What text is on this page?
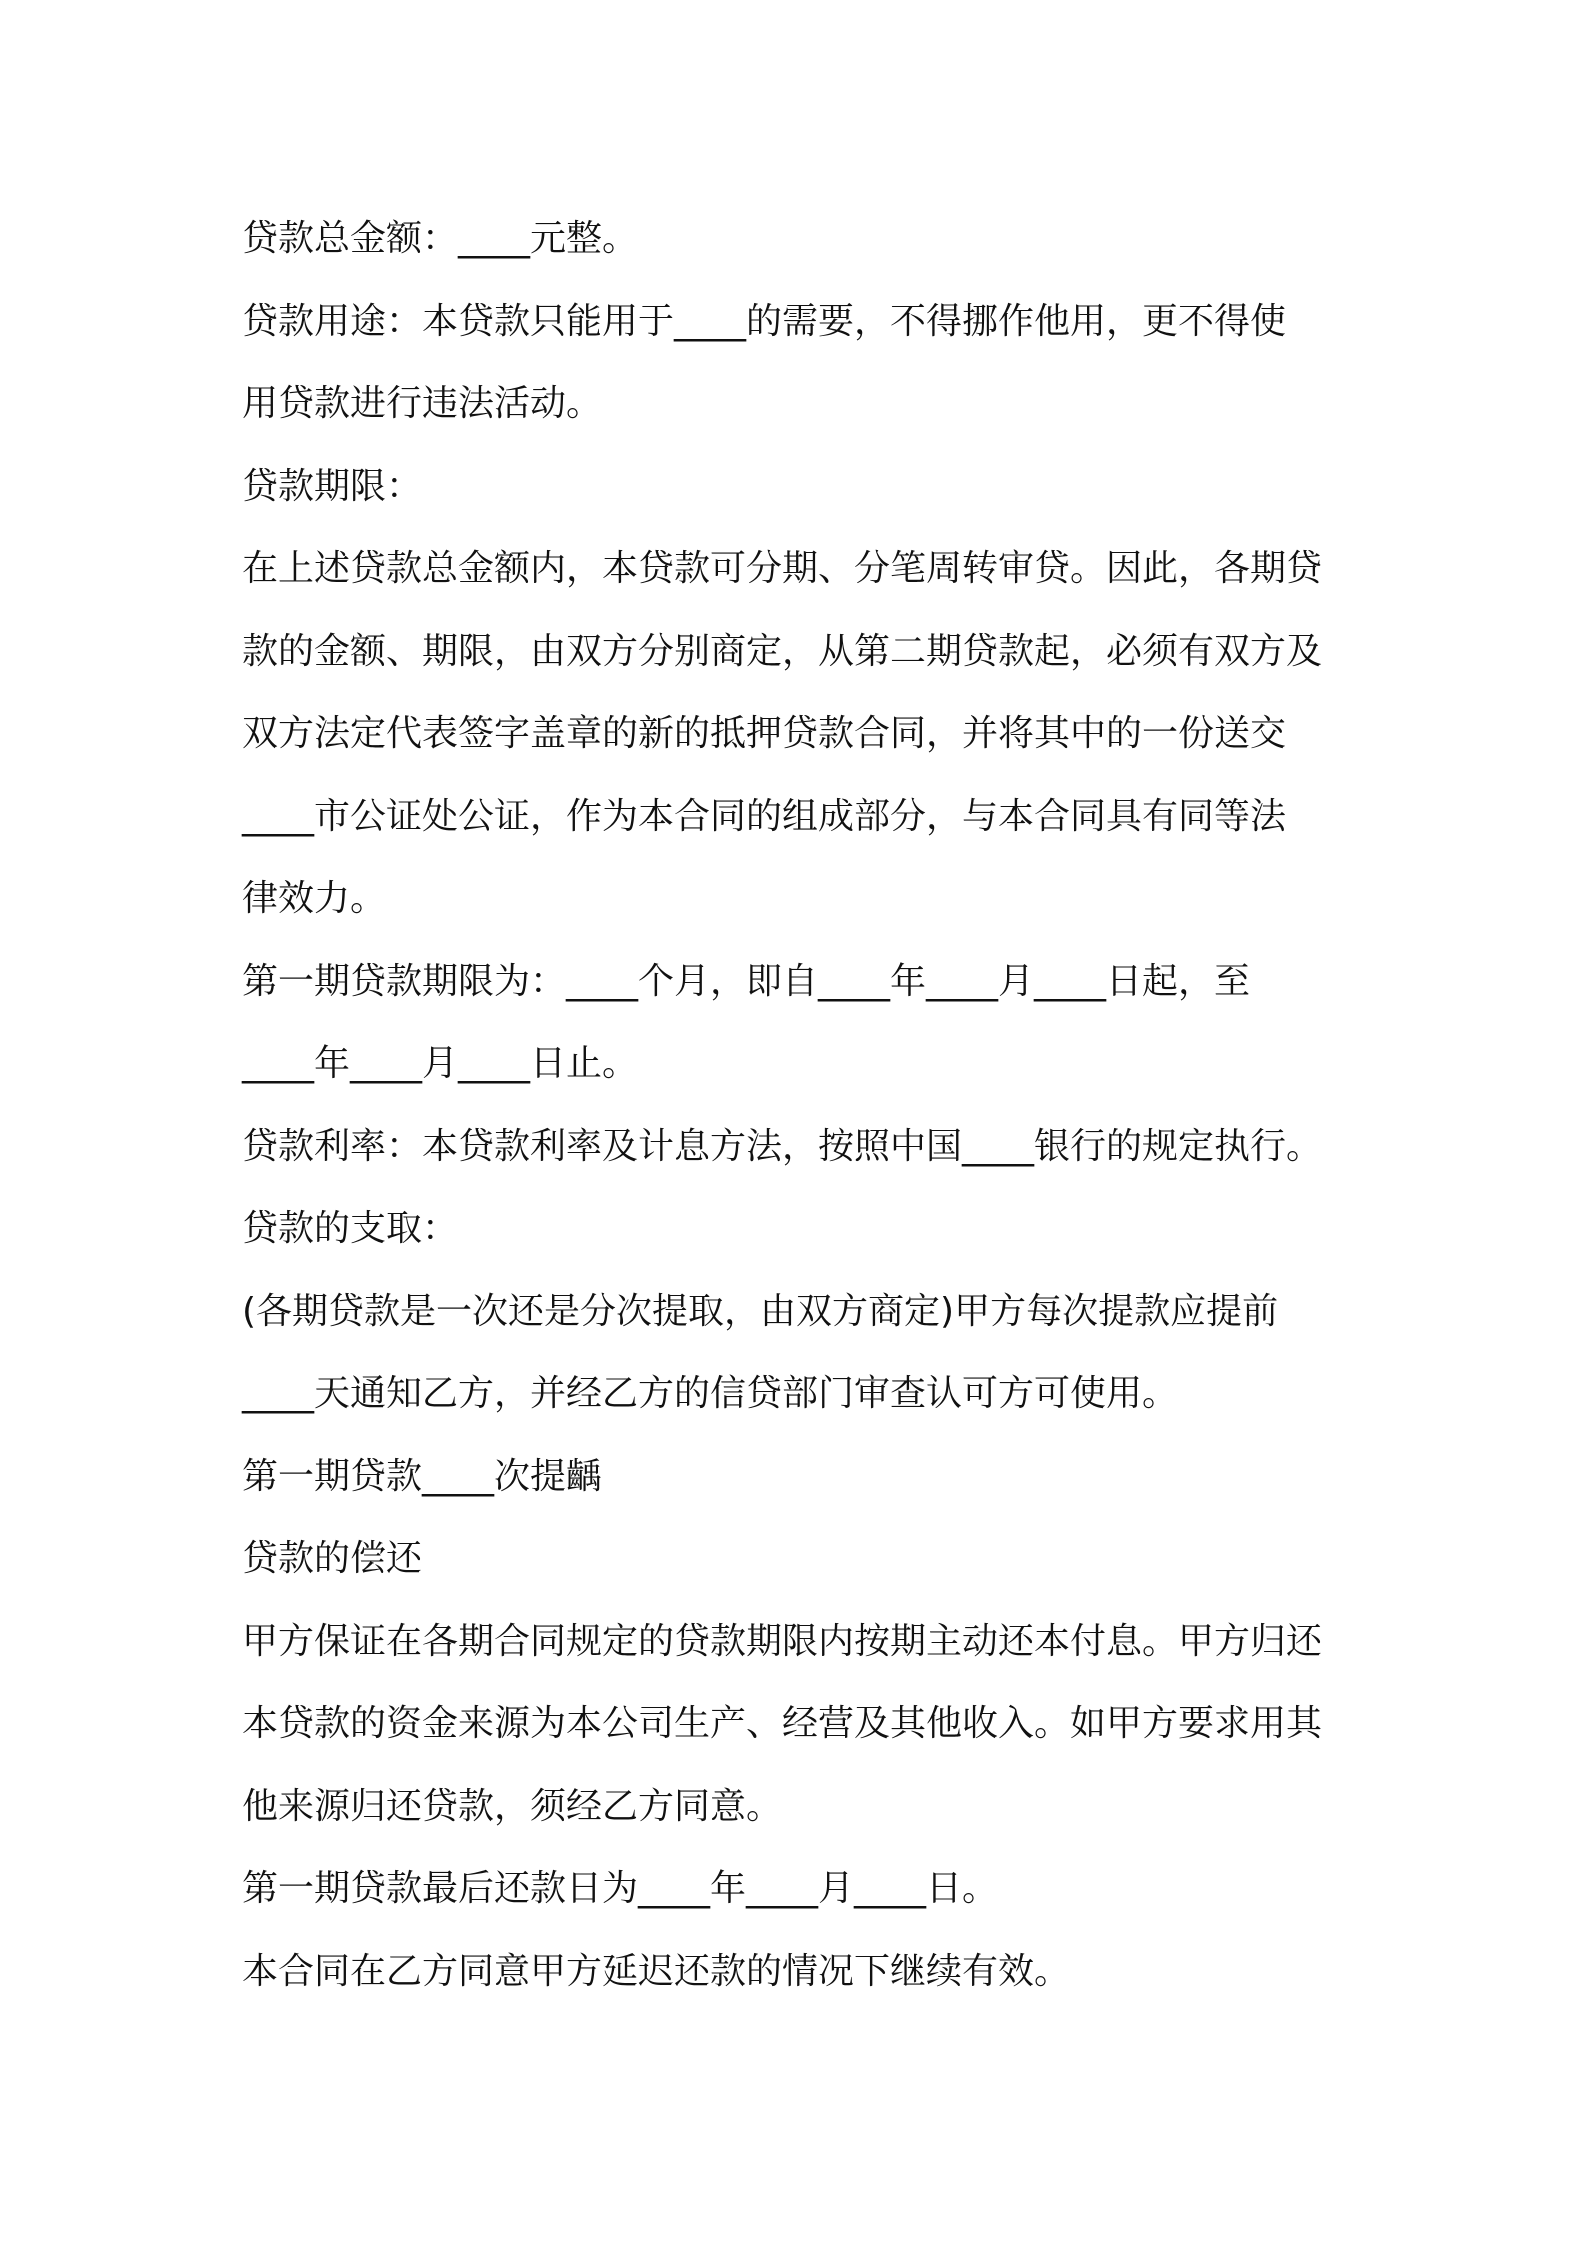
贷款总金额：____元整。
贷款用途：本贷款只能用于____的需要，不得挪作他用，更不得使
用贷款进行违法活动。
贷款期限：
在上述贷款总金额内，本贷款可分期、分笔周转审贷。因此，各期贷
款的金额、期限，由双方分别商定，从第二期贷款起，必须有双方及
双方法定代表签字盖章的新的抵押贷款合同，并将其中的一份送交
____市公证处公证，作为本合同的组成部分，与本合同具有同等法
律效力。
第一期贷款期限为：____个月，即自____年____月____日起，至
____年____月____日止。
贷款利率：本贷款利率及计息方法，按照中国____银行的规定执行。
贷款的支取：
(各期贷款是一次还是分次提取，由双方商定)甲方每次提款应提前
____天通知乙方，并经乙方的信贷部门审查认可方可使用。
第一期贷款____次提齲
贷款的偿还
甲方保证在各期合同规定的贷款期限内按期主动还本付息。甲方归还
本贷款的资金来源为本公司生产、经营及其他收入。如甲方要求用其
他来源归还贷款，须经乙方同意。
第一期贷款最后还款日为____年____月____日。
本合同在乙方同意甲方延迟还款的情况下继续有效。
